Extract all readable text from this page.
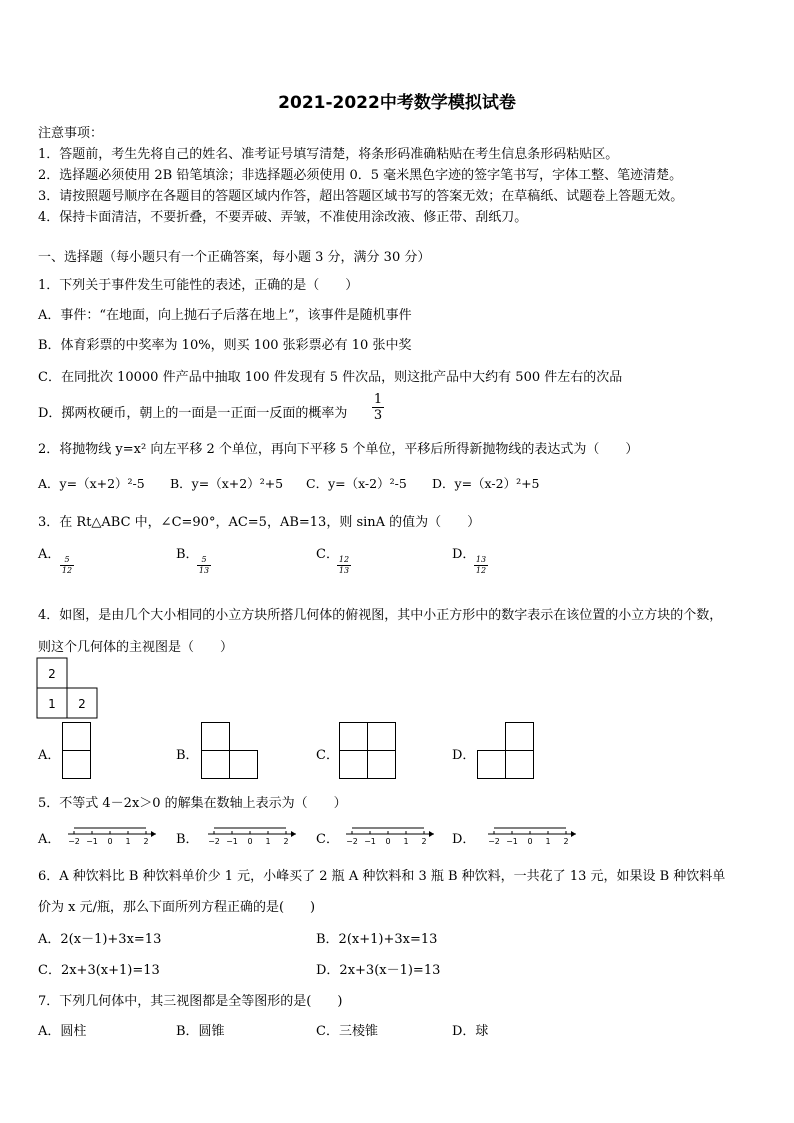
2021-2022中考数学模拟试卷
注意事项：
1．答题前，考生先将自己的姓名、准考证号填写清楚，将条形码准确粘贴在考生信息条形码粘贴区。
2．选择题必须使用 2B 铅笔填涂；非选择题必须使用 0．5 毫米黑色字迹的签字笔书写，字体工整、笔迹清楚。
3．请按照题号顺序在各题目的答题区域内作答，超出答题区域书写的答案无效；在草稿纸、试题卷上答题无效。
4．保持卡面清洁，不要折叠，不要弄破、弄皱，不准使用涂改液、修正带、刮纸刀。
一、选择题（每小题只有一个正确答案，每小题 3 分，满分 30 分）
1．下列关于事件发生可能性的表述，正确的是（　　）
A．事件：“在地面，向上抛石子后落在地上”，该事件是随机事件
B．体育彩票的中奖率为 10%，则买 100 张彩票必有 10 张中奖
C．在同批次 10000 件产品中抽取 100 件发现有 5 件次品，则这批产品中大约有 500 件左右的次品
D．掷两枚硬币，朝上的一面是一正面一反面的概率为 $\frac{1}{3}$
2．将抛物线 y=x² 向左平移 2 个单位，再向下平移 5 个单位，平移后所得新抛物线的表达式为（　　）
A．y=（x+2）²-5 B．y=（x+2）²+5 C．y=（x-2）²-5 D．y=（x-2）²+5
3．在 Rt△ABC 中，∠C=90°，AC=5，AB=13，则 sinA 的值为（　　）
A．
$\frac{5}{12}$
B．
$\frac{5}{13}$
C．
$\frac{12}{13}$
D．
$\frac{13}{12}$
4．如图，是由几个大小相同的小立方块所搭几何体的俯视图，其中小正方形中的数字表示在该位置的小立方块的个数，
则这个几何体的主视图是（　　）
2
1 2
A．	B．	C．	D．
5．不等式 4－2x＞0 的解集在数轴上表示为（　　）
A．	B．	C．	D．
−2 −1 0 1 2	−2 −1 0 1 2	−2 −1 0 1 2	−2 −1 0 1 2
6．A 种饮料比 B 种饮料单价少 1 元，小峰买了 2 瓶 A 种饮料和 3 瓶 B 种饮料，一共花了 13 元，如果设 B 种饮料单
价为 x 元/瓶，那么下面所列方程正确的是(　　)
A．2(x－1)+3x=13	B．2(x+1)+3x=13
C．2x+3(x+1)=13	D．2x+3(x－1)=13
7．下列几何体中，其三视图都是全等图形的是(　　)
A．圆柱	B．圆锥	C．三棱锥	D．球
